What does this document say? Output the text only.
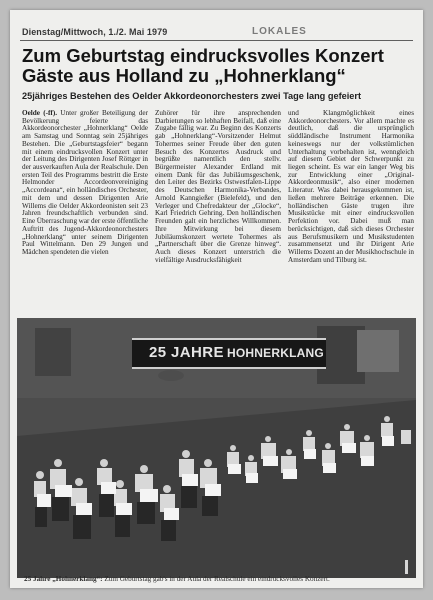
Dienstag/Mittwoch, 1./2. Mai 1979	LOKALES
Zum Geburtstag eindrucksvolles Konzert
Gäste aus Holland zu „Hohnerklang“
25jähriges Bestehen des Oelder Akkordeonorchesters zwei Tage lang gefeiert
Oelde (-ff). Unter großer Beteiligung der Bevölkerung feierte das Akkordeonorchester „Hohnerklang“ Oelde am Samstag und Sonntag sein 25jähriges Bestehen. Die „Geburtstagsfeier“ begann mit einem eindrucksvollen Konzert unter der Leitung des Dirigenten Josef Röttger in der ausverkauften Aula der Realschule. Den ersten Teil des Programms bestritt die Erste Helmonder Accordeonvereiniging „Accordeana“, ein holländisches Orchester, mit dem und dessen Dirigenten Arie Willems die Oelder Akkordeonisten seit 23 Jahren freundschaftlich verbunden sind. Eine Überraschung war der erste öffentliche Auftritt des Jugend-Akkordeonorchesters „Hohnerklang“ unter seinem Dirigenten Paul Wittelmann. Den 29 Jungen und Mädchen spendeten die vielen
Zuhörer für ihre ansprechenden Darbietungen so lebhaften Beifall, daß eine Zugabe fällig war. Zu Beginn des Konzerts gab „Hohnerklang“-Vorsitzender Helmut Tohermes seiner Freude über den guten Besuch des Konzertes Ausdruck und begrüßte namentlich den stellv. Bürgermeister Alexander Erdland mit einem Dank für das Jubiläumsgeschenk, den Leiter des Bezirks Ostwestfalen-Lippe des Deutschen Harmonika-Verbandes, Arnold Kanngießer (Bielefeld), und den Verleger und Chefredakteur der „Glocke“, Karl Friedrich Gehring. Den holländischen Freunden galt ein herzliches Willkommen. Ihre Mitwirkung bei diesem Jubiläumskonzert wertete Tohermes als „Partnerschaft über die Grenze hinweg“. Auch dieses Konzert unterstrich die vielfältige Ausdrucksfähigkeit
und Klangmöglichkeit eines Akkordeonorchesters. Vor allem machte es deutlich, daß die ursprünglich süddländische Instrument Harmonika keineswegs nur der volkstümlichen Unterhaltung vorbehalten ist, wenngleich auf diesem Gebiet der Schwerpunkt zu liegen scheint. Es war ein langer Weg bis zur Entwicklung einer „Original-Akkordeonmusik“, also einer modernen Literatur. Was dabei herausgekommen ist, ließen mehrere Beiträge erkennen. Die holländischen Gäste trugen ihre Musikstücke mit einer eindrucksvollen Perfektion vor. Dabei muß man berücksichtigen, daß sich dieses Orchester aus Berufsmusikern und Musikstudenten zusammensetzt und ihr Dirigent Arie Willems Dozent an der Musikhochschule in Amsterdam und Tilburg ist.
25 JAHRE HOHNERKLANG
25 Jahre „Hohnerklang“: Zum Geburtstag gab's in der Aula der Realschule ein eindrucksvolles Konzert.
